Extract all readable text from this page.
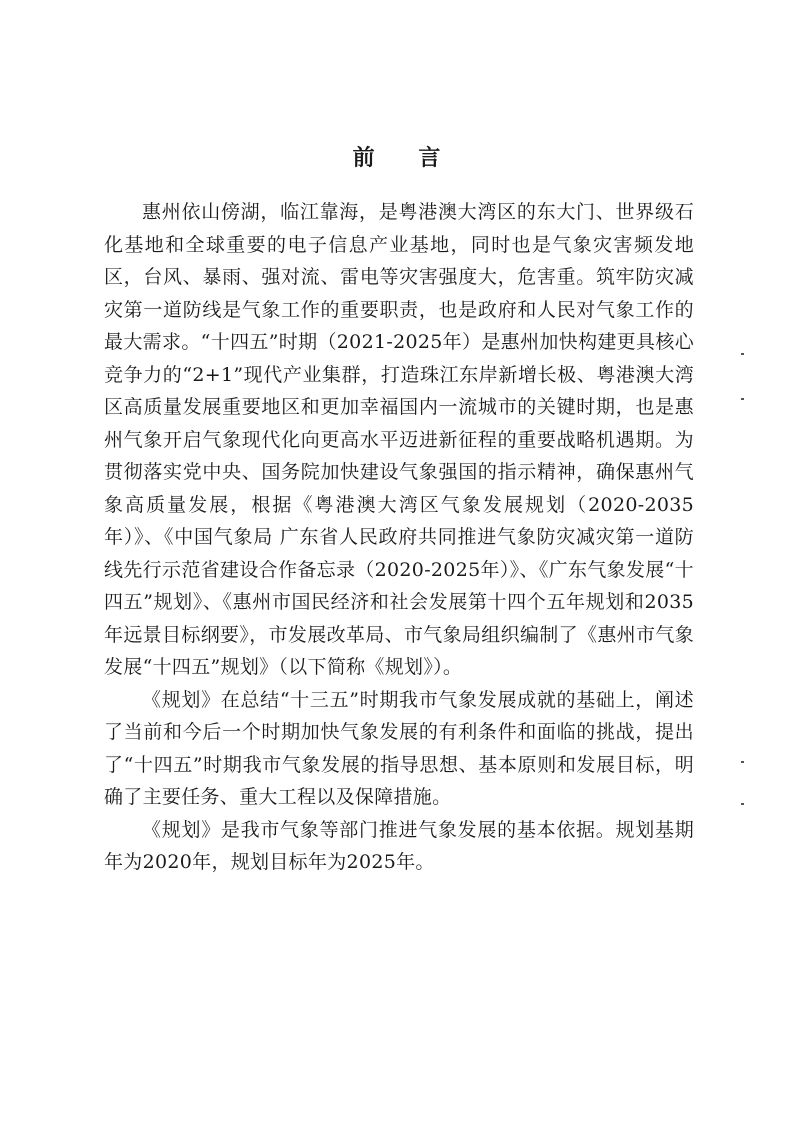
前 言

惠州依山傍湖，临江靠海，是粤港澳大湾区的东大门、世界级石化基地和全球重要的电子信息产业基地，同时也是气象灾害频发地区，台风、暴雨、强对流、雷电等灾害强度大，危害重。筑牢防灾减灾第一道防线是气象工作的重要职责，也是政府和人民对气象工作的最大需求。“十四五”时期（2021-2025年）是惠州加快构建更具核心竞争力的“2+1”现代产业集群，打造珠江东岸新增长极、粤港澳大湾区高质量发展重要地区和更加幸福国内一流城市的关键时期，也是惠州气象开启气象现代化向更高水平迈进新征程的重要战略机遇期。为贯彻落实党中央、国务院加快建设气象强国的指示精神，确保惠州气象高质量发展，根据《粤港澳大湾区气象发展规划（2020-2035年）》、《中国气象局 广东省人民政府共同推进气象防灾减灾第一道防线先行示范省建设合作备忘录（2020-2025年）》、《广东气象发展“十四五”规划》、《惠州市国民经济和社会发展第十四个五年规划和2035年远景目标纲要》，市发展改革局、市气象局组织编制了《惠州市气象发展“十四五”规划》（以下简称《规划》）。

《规划》在总结“十三五”时期我市气象发展成就的基础上，阐述了当前和今后一个时期加快气象发展的有利条件和面临的挑战，提出了“十四五”时期我市气象发展的指导思想、基本原则和发展目标，明确了主要任务、重大工程以及保障措施。

《规划》是我市气象等部门推进气象发展的基本依据。规划基期年为2020年，规划目标年为2025年。
